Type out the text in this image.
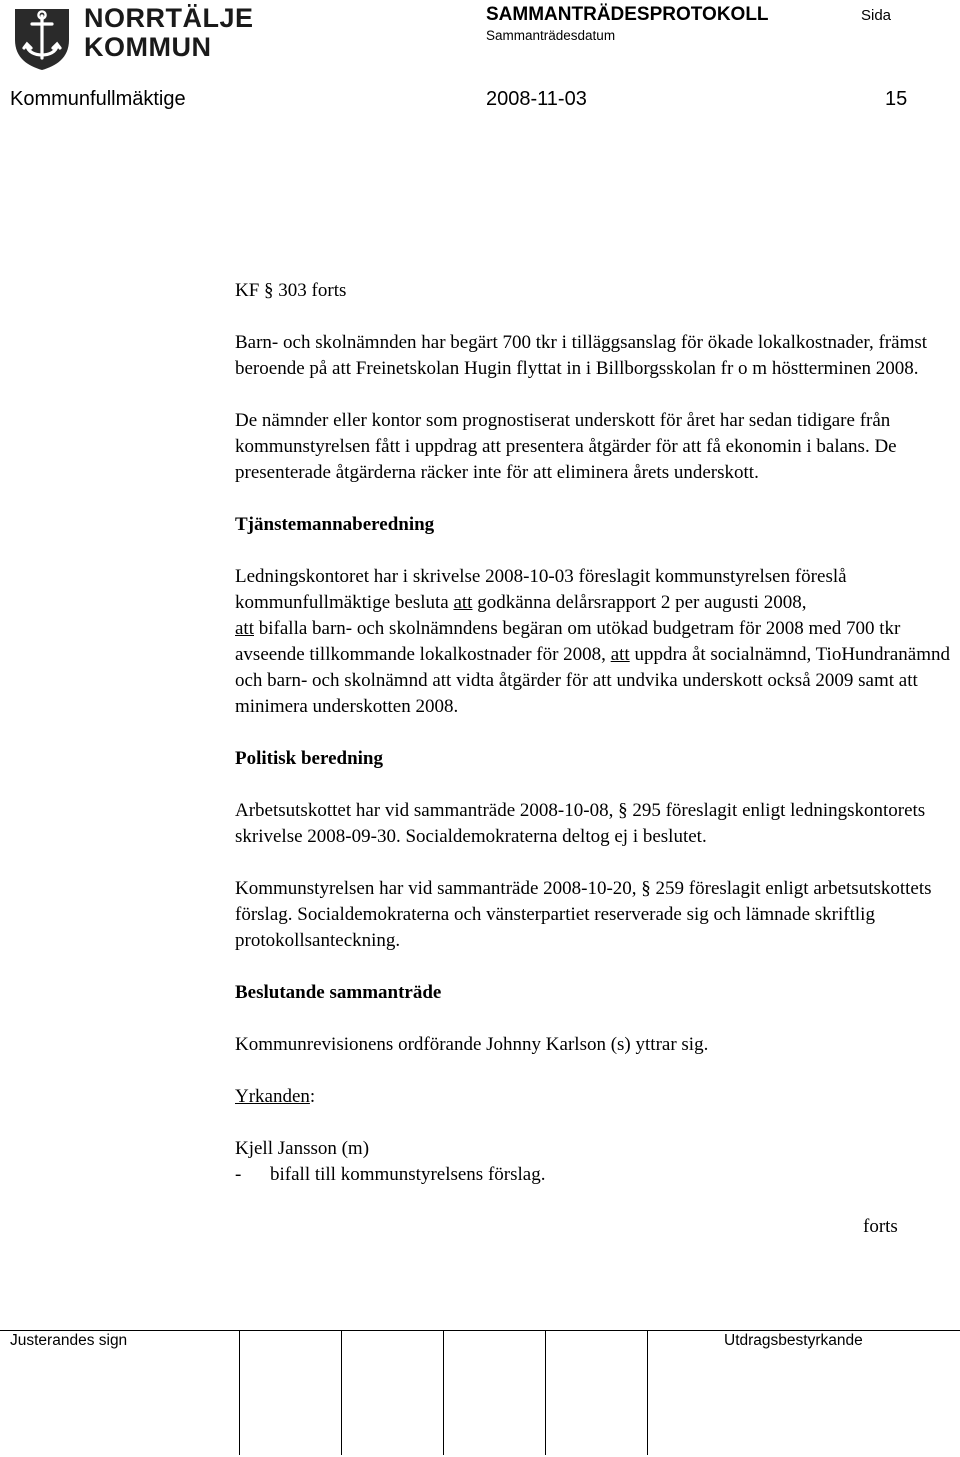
NORRTÄLJE
KOMMUN
SAMMANTRÄDESPROTOKOLL
Sammanträdesdatum
Sida
Kommunfullmäktige	2008-11-03	15

KF § 303 forts

Barn- och skolnämnden har begärt 700 tkr i tilläggsanslag för ökade lokalkostnader, främst beroende på att Freinetskolan Hugin flyttat in i Billborgsskolan fr o m höstterminen 2008.

De nämnder eller kontor som prognostiserat underskott för året har sedan tidigare från kommunstyrelsen fått i uppdrag att presentera åtgärder för att få ekonomin i balans. De presenterade åtgärderna räcker inte för att eliminera årets underskott.

Tjänstemannaberedning

Ledningskontoret har i skrivelse 2008-10-03 föreslagit kommunstyrelsen föreslå kommunfullmäktige besluta att godkänna delårsrapport 2 per augusti 2008,
att bifalla barn- och skolnämndens begäran om utökad budgetram för 2008 med 700 tkr avseende tillkommande lokalkostnader för 2008, att uppdra åt socialnämnd, TioHundranämnd och barn- och skolnämnd att vidta åtgärder för att undvika underskott också 2009 samt att minimera underskotten 2008.

Politisk beredning

Arbetsutskottet har vid sammanträde 2008-10-08, § 295 föreslagit enligt ledningskontorets skrivelse 2008-09-30. Socialdemokraterna deltog ej i beslutet.

Kommunstyrelsen har vid sammanträde 2008-10-20, § 259 föreslagit enligt arbetsutskottets förslag. Socialdemokraterna och vänsterpartiet reserverade sig och lämnade skriftlig protokollsanteckning.

Beslutande sammanträde

Kommunrevisionens ordförande Johnny Karlson (s) yttrar sig.

Yrkanden:

Kjell Jansson (m)

-	bifall till kommunstyrelsens förslag.

forts

Justerandes sign	Utdragsbestyrkande
